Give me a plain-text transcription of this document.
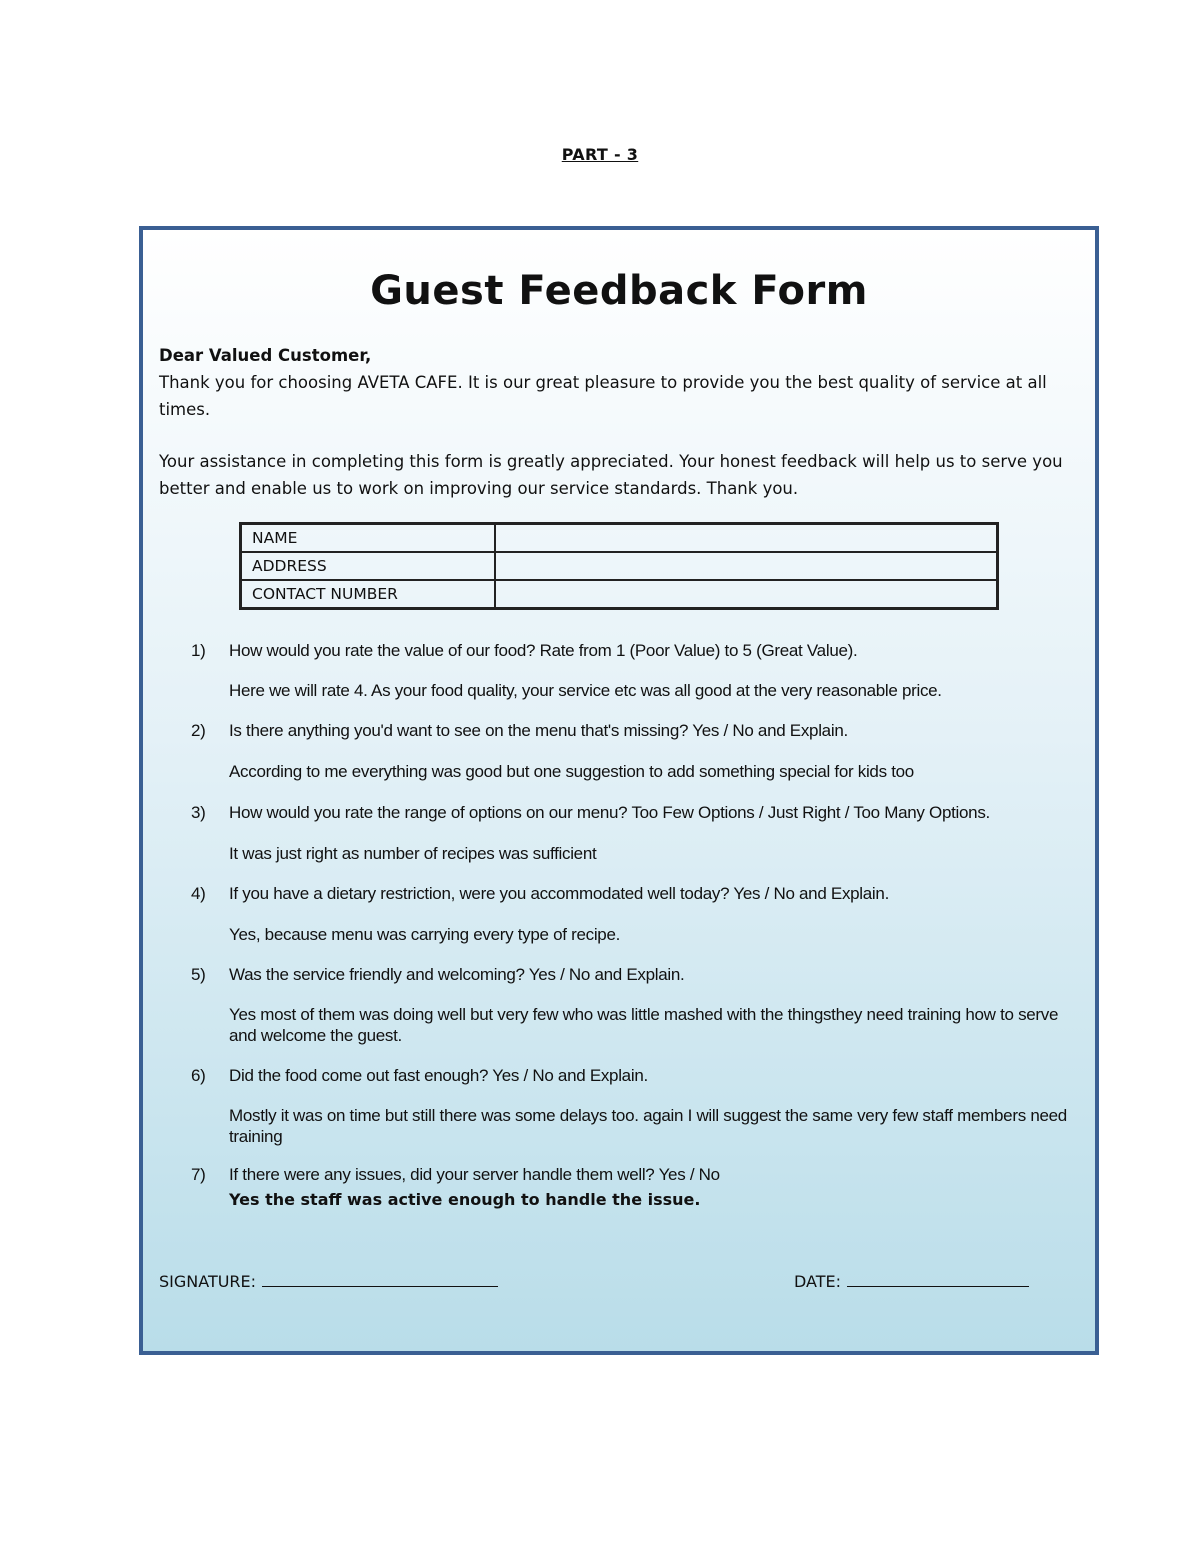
PART - 3
Guest Feedback Form
Dear Valued Customer,

Thank you for choosing AVETA CAFE. It is our great pleasure to provide you the best quality of service at all times.

Your assistance in completing this form is greatly appreciated. Your honest feedback will help us to serve you better and enable us to work on improving our service standards. Thank you.

NAME	
ADDRESS	
CONTACT NUMBER	
1)	How would you rate the value of our food? Rate from 1 (Poor Value) to 5 (Great Value).
Here we will rate 4. As your food quality, your service etc was all good at the very reasonable price.
2)	Is there anything you'd want to see on the menu that's missing? Yes / No and Explain.
According to me everything was good but one suggestion to add something special for kids too
3)	How would you rate the range of options on our menu? Too Few Options / Just Right / Too Many Options.
It was just right as number of recipes was sufficient
4)	If you have a dietary restriction, were you accommodated well today? Yes / No and Explain.
Yes, because menu was carrying every type of recipe.
5)	Was the service friendly and welcoming? Yes / No and Explain.
Yes most of them was doing well but very few who was little mashed with the thingsthey need training how to serve and welcome the guest.
6)	Did the food come out fast enough? Yes / No and Explain.
Mostly it was on time but still there was some delays too. again I will suggest the same very few staff members need training
7)	If there were any issues, did your server handle them well? Yes / No
Yes the staff was active enough to handle the issue.
SIGNATURE:	DATE:
